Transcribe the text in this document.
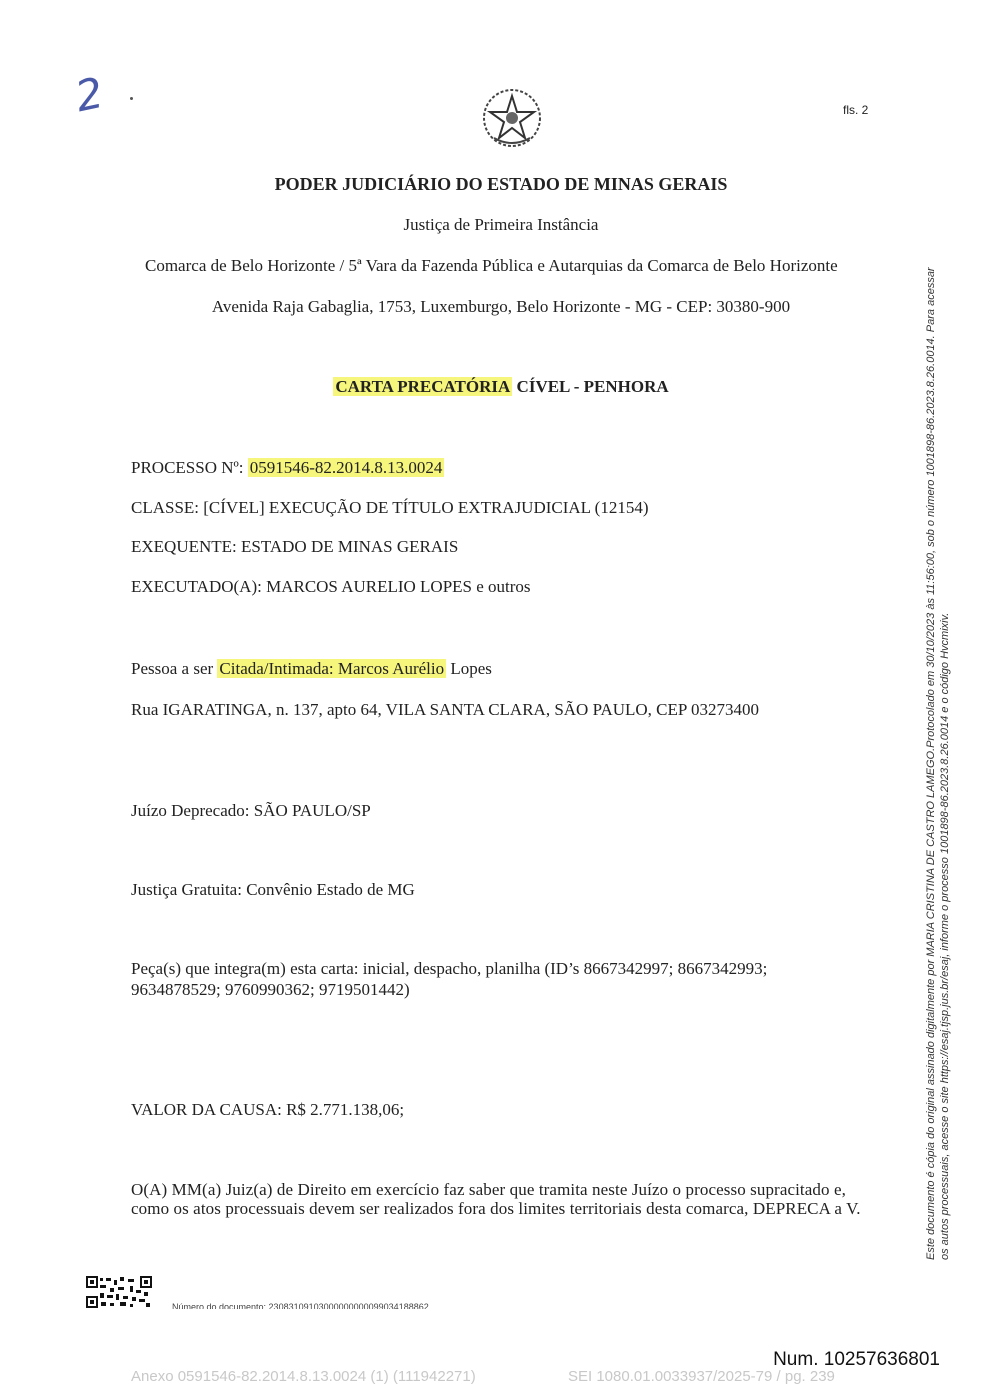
2	fls. 2
PODER JUDICIÁRIO DO ESTADO DE MINAS GERAIS
Justiça de Primeira Instância
Comarca de Belo Horizonte / 5ª Vara da Fazenda Pública e Autarquias da Comarca de Belo Horizonte
Avenida Raja Gabaglia, 1753, Luxemburgo, Belo Horizonte - MG - CEP: 30380-900
CARTA PRECATÓRIA CÍVEL - PENHORA
PROCESSO Nº: 0591546-82.2014.8.13.0024
CLASSE: [CÍVEL] EXECUÇÃO DE TÍTULO EXTRAJUDICIAL (12154)
EXEQUENTE: ESTADO DE MINAS GERAIS
EXECUTADO(A): MARCOS AURELIO LOPES e outros
Pessoa a ser Citada/Intimada: Marcos Aurélio Lopes
Rua IGARATINGA, n. 137, apto 64, VILA SANTA CLARA, SÃO PAULO, CEP 03273400
Juízo Deprecado: SÃO PAULO/SP
Justiça Gratuita: Convênio Estado de MG
Peça(s) que integra(m) esta carta: inicial, despacho, planilha (ID’s 8667342997; 8667342993;
9634878529; 9760990362; 9719501442)
VALOR DA CAUSA: R$ 2.771.138,06;
O(A) MM(a) Juiz(a) de Direito em exercício faz saber que tramita neste Juízo o processo supracitado e,
como os atos processuais devem ser realizados fora dos limites territoriais desta comarca, DEPRECA a V.
Número do documento: 23083109103000000000099034188862
Este documento é cópia do original assinado digitalmente por MARIA CRISTINA DE CASTRO LAMEGO.Protocolado em 30/10/2023 às 11:56:00, sob o número 1001898-86.2023.8.26.0014. Para acessar os autos processuais, acesse o site https://esaj.tjsp.jus.br/esaj, informe o processo 1001898-86.2023.8.26.0014 e o código Hvcmixiv.
Num. 10257636801
Anexo 0591546-82.2014.8.13.0024 (1) (111942271)	SEI 1080.01.0033937/2025-79 / pg. 239
